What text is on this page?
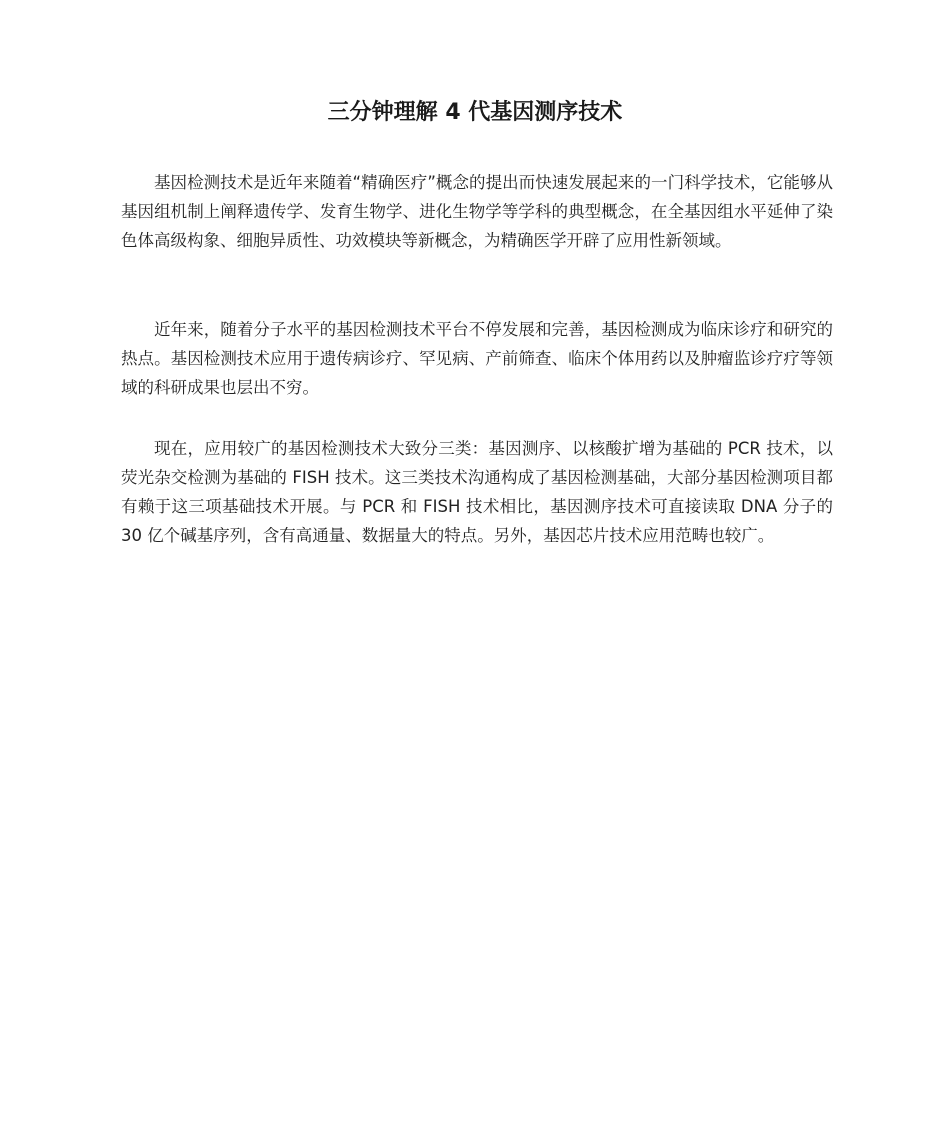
三分钟理解 4 代基因测序技术

基因检测技术是近年来随着“精确医疗”概念的提出而快速发展起来的一门科学技术，它能够从基因组机制上阐释遗传学、发育生物学、进化生物学等学科的典型概念，在全基因组水平延伸了染色体高级构象、细胞异质性、功效模块等新概念，为精确医学开辟了应用性新领域。

近年来，随着分子水平的基因检测技术平台不停发展和完善，基因检测成为临床诊疗和研究的热点。基因检测技术应用于遗传病诊疗、罕见病、产前筛查、临床个体用药以及肿瘤监诊疗疗等领域的科研成果也层出不穷。

现在，应用较广的基因检测技术大致分三类：基因测序、以核酸扩增为基础的 PCR 技术，以荧光杂交检测为基础的 FISH 技术。这三类技术沟通构成了基因检测基础，大部分基因检测项目都有赖于这三项基础技术开展。与 PCR 和 FISH 技术相比，基因测序技术可直接读取 DNA 分子的 30 亿个碱基序列，含有高通量、数据量大的特点。另外，基因芯片技术应用范畴也较广。
